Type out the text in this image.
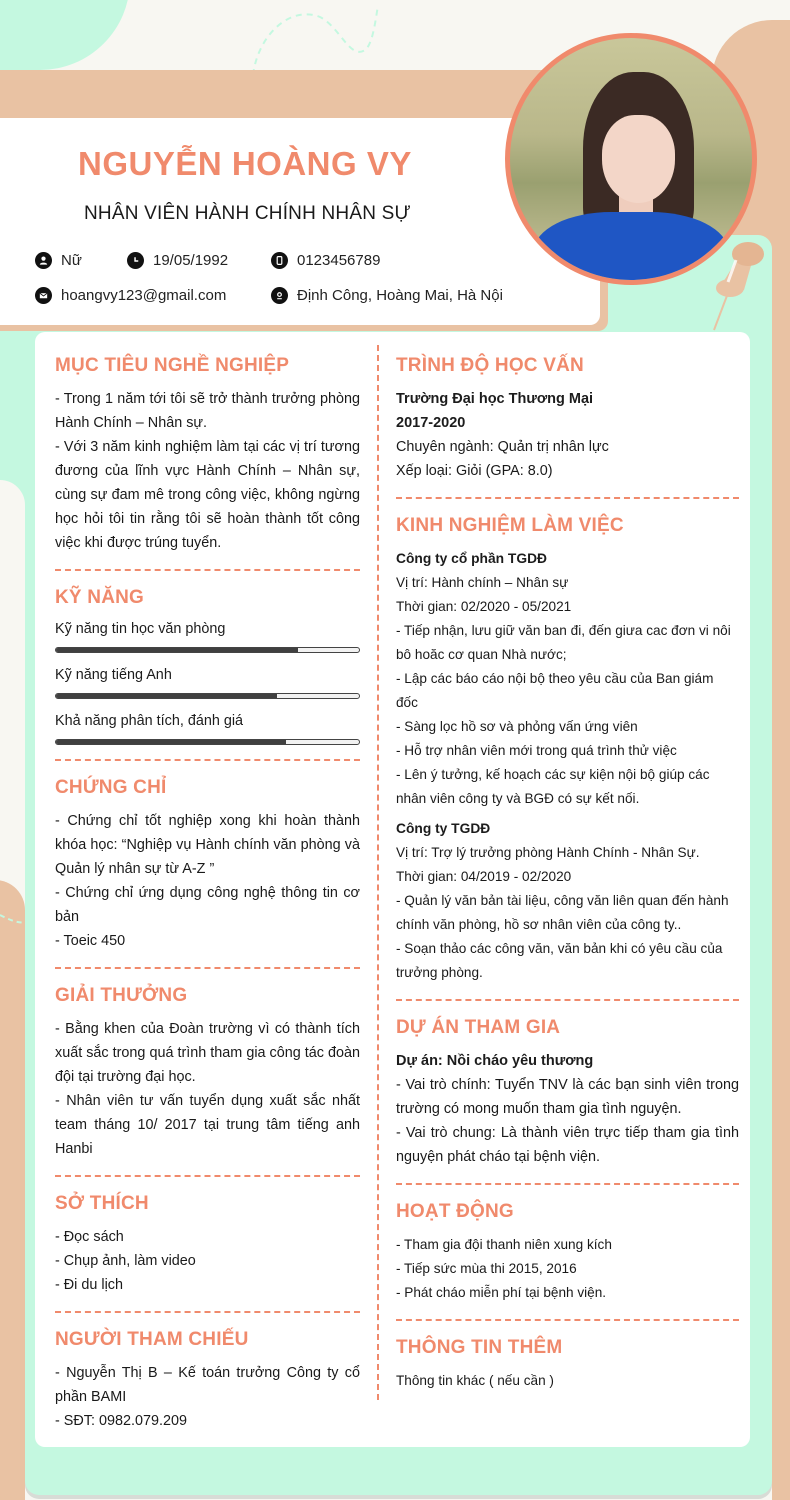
NGUYỄN HOÀNG VY
NHÂN VIÊN HÀNH CHÍNH NHÂN SỰ
Nữ	19/05/1992	0123456789
hoangvy123@gmail.com	Định Công, Hoàng Mai, Hà Nội
MỤC TIÊU NGHỀ NGHIỆP
- Trong 1 năm tới tôi sẽ trở thành trưởng phòng Hành Chính – Nhân sự.
- Với 3 năm kinh nghiệm làm tại các vị trí tương đương của lĩnh vực Hành Chính – Nhân sự, cùng sự đam mê trong công việc, không ngừng học hỏi tôi tin rằng tôi sẽ hoàn thành tốt công việc khi được trúng tuyển.
KỸ NĂNG
Kỹ năng tin học văn phòng
Kỹ năng tiếng Anh
Khả năng phân tích, đánh giá
CHỨNG CHỈ
- Chứng chỉ tốt nghiệp xong khi hoàn thành khóa học: “Nghiệp vụ Hành chính văn phòng và Quản lý nhân sự từ A-Z ”
- Chứng chỉ ứng dụng công nghệ thông tin cơ bản
- Toeic 450
GIẢI THƯỞNG
- Bằng khen của Đoàn trường vì có thành tích xuất sắc trong quá trình tham gia công tác đoàn đội tại trường đại học.
- Nhân viên tư vấn tuyển dụng xuất sắc nhất team tháng 10/ 2017 tại trung tâm tiếng anh Hanbi
SỞ THÍCH
- Đọc sách
- Chụp ảnh, làm video
- Đi du lịch
NGƯỜI THAM CHIẾU
- Nguyễn Thị B – Kế toán trưởng Công ty cổ phần BAMI
- SĐT: 0982.079.209
TRÌNH ĐỘ HỌC VẤN
Trường Đại học Thương Mại
2017-2020
Chuyên ngành: Quản trị nhân lực
Xếp loại: Giỏi (GPA: 8.0)
KINH NGHIỆM LÀM VIỆC
Công ty cổ phần TGDĐ
Vị trí: Hành chính – Nhân sự
Thời gian: 02/2020 - 05/2021
- Tiếp nhận, lưu giữ văn ban đi, đến giưa cac đơn vi nôi bô hoăc cơ quan Nhà nước;
- Lập các báo cáo nội bộ theo yêu cầu của Ban giám đốc
- Sàng lọc hồ sơ và phỏng vấn ứng viên
- Hỗ trợ nhân viên mới trong quá trình thử việc
- Lên ý tưởng, kế hoạch các sự kiện nội bộ giúp các nhân viên công ty và BGĐ có sự kết nối.
Công ty TGDĐ
Vị trí: Trợ lý trưởng phòng Hành Chính - Nhân Sự.
Thời gian: 04/2019 - 02/2020
- Quản lý văn bản tài liệu, công văn liên quan đến hành chính văn phòng, hồ sơ nhân viên của công ty..
- Soạn thảo các công văn, văn bản khi có yêu cầu của trưởng phòng.
DỰ ÁN THAM GIA
Dự án: Nồi cháo yêu thương
- Vai trò chính: Tuyển TNV là các bạn sinh viên trong trường có mong muốn tham gia tình nguyện.
- Vai trò chung: Là thành viên trực tiếp tham gia tình nguyện phát cháo tại bệnh viện.
HOẠT ĐỘNG
- Tham gia đội thanh niên xung kích
- Tiếp sức mùa thi 2015, 2016
- Phát cháo miễn phí tại bệnh viện.
THÔNG TIN THÊM
Thông tin khác ( nếu cần )
